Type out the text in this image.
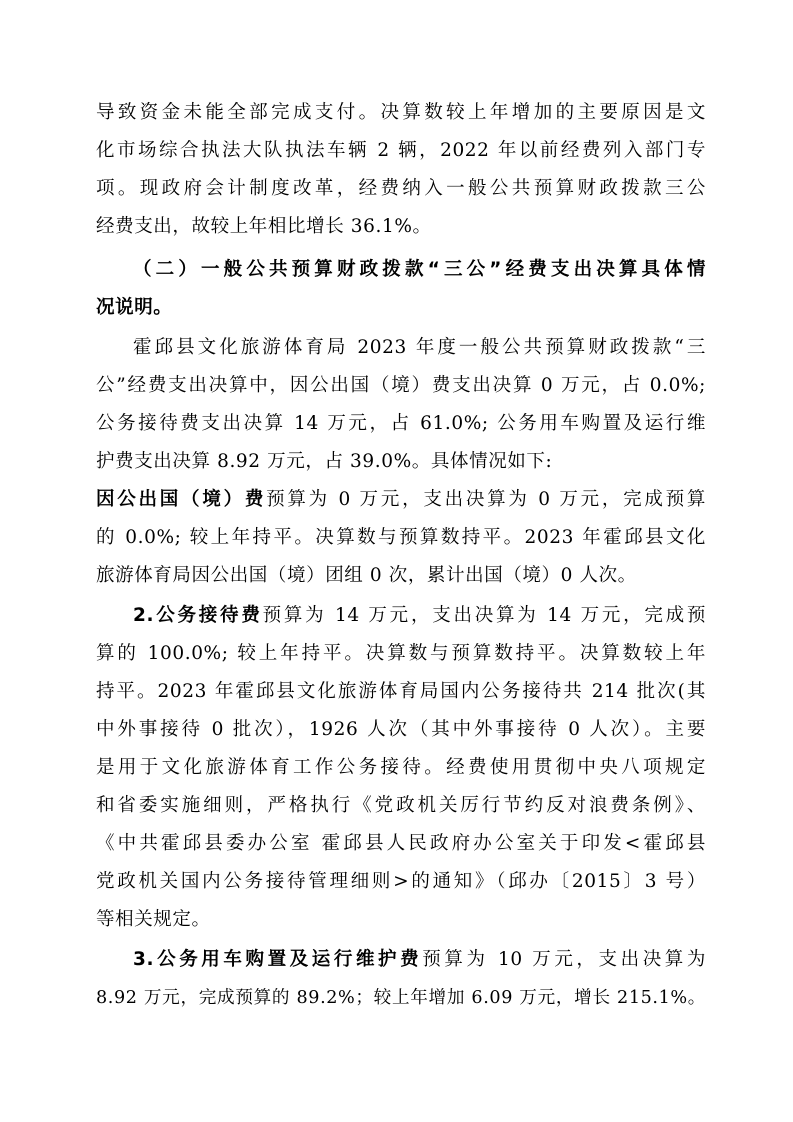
导致资金未能全部完成支付。决算数较上年增加的主要原因是文
化市场综合执法大队执法车辆 2 辆，2022 年以前经费列入部门专
项。现政府会计制度改革，经费纳入一般公共预算财政拨款三公
经费支出，故较上年相比增长 36.1%。
（二）一般公共预算财政拨款“三公”经费支出决算具体情
况说明。
霍邱县文化旅游体育局 2023 年度一般公共预算财政拨款“三
公”经费支出决算中，因公出国（境）费支出决算 0 万元，占 0.0%;
公务接待费支出决算 14 万元，占 61.0%; 公务用车购置及运行维
护费支出决算 8.92 万元，占 39.0%。具体情况如下:
因公出国（境）费预算为 0 万元，支出决算为 0 万元，完成预算
的 0.0%; 较上年持平。决算数与预算数持平。2023 年霍邱县文化
旅游体育局因公出国（境）团组 0 次，累计出国（境）0 人次。
2.公务接待费预算为 14 万元，支出决算为 14 万元，完成预
算的 100.0%; 较上年持平。决算数与预算数持平。决算数较上年
持平。2023 年霍邱县文化旅游体育局国内公务接待共 214 批次(其
中外事接待 0 批次），1926 人次（其中外事接待 0 人次）。主要
是用于文化旅游体育工作公务接待。经费使用贯彻中央八项规定
和省委实施细则，严格执行《党政机关厉行节约反对浪费条例》、
《中共霍邱县委办公室 霍邱县人民政府办公室关于印发<霍邱县
党政机关国内公务接待管理细则>的通知》（邱办〔2015〕3 号）
等相关规定。
3.公务用车购置及运行维护费预算为 10 万元，支出决算为
8.92 万元，完成预算的 89.2%；较上年增加 6.09 万元，增长 215.1%。
